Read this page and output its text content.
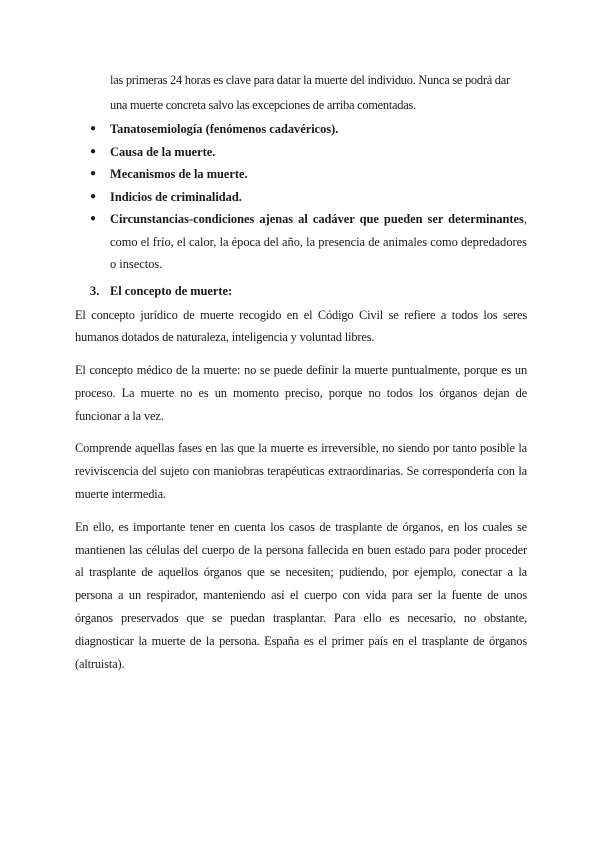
las primeras 24 horas es clave para datar la muerte del individuo. Nunca se podrá dar
una muerte concreta salvo las excepciones de arriba comentadas.
● Tanatosemiología (fenómenos cadavéricos).
● Causa de la muerte.
● Mecanismos de la muerte.
● Indicios de criminalidad.
● Circunstancias-condiciones ajenas al cadáver que pueden ser determinantes, como el frío, el calor, la época del año, la presencia de animales como depredadores o insectos.
3. El concepto de muerte:

El concepto jurídico de muerte recogido en el Código Civil se refiere a todos los seres humanos dotados de naturaleza, inteligencia y voluntad libres.

El concepto médico de la muerte: no se puede definir la muerte puntualmente, porque es un proceso. La muerte no es un momento preciso, porque no todos los órganos dejan de funcionar a la vez.

Comprende aquellas fases en las que la muerte es irreversible, no siendo por tanto posible la reviviscencia del sujeto con maniobras terapéuticas extraordinarias. Se correspondería con la muerte intermedia.

En ello, es importante tener en cuenta los casos de trasplante de órganos, en los cuales se mantienen las células del cuerpo de la persona fallecida en buen estado para poder proceder al trasplante de aquellos órganos que se necesiten; pudiendo, por ejemplo, conectar a la persona a un respirador, manteniendo así el cuerpo con vida para ser la fuente de unos órganos preservados que se puedan trasplantar. Para ello es necesario, no obstante, diagnosticar la muerte de la persona. España es el primer país en el trasplante de órganos (altruista).
